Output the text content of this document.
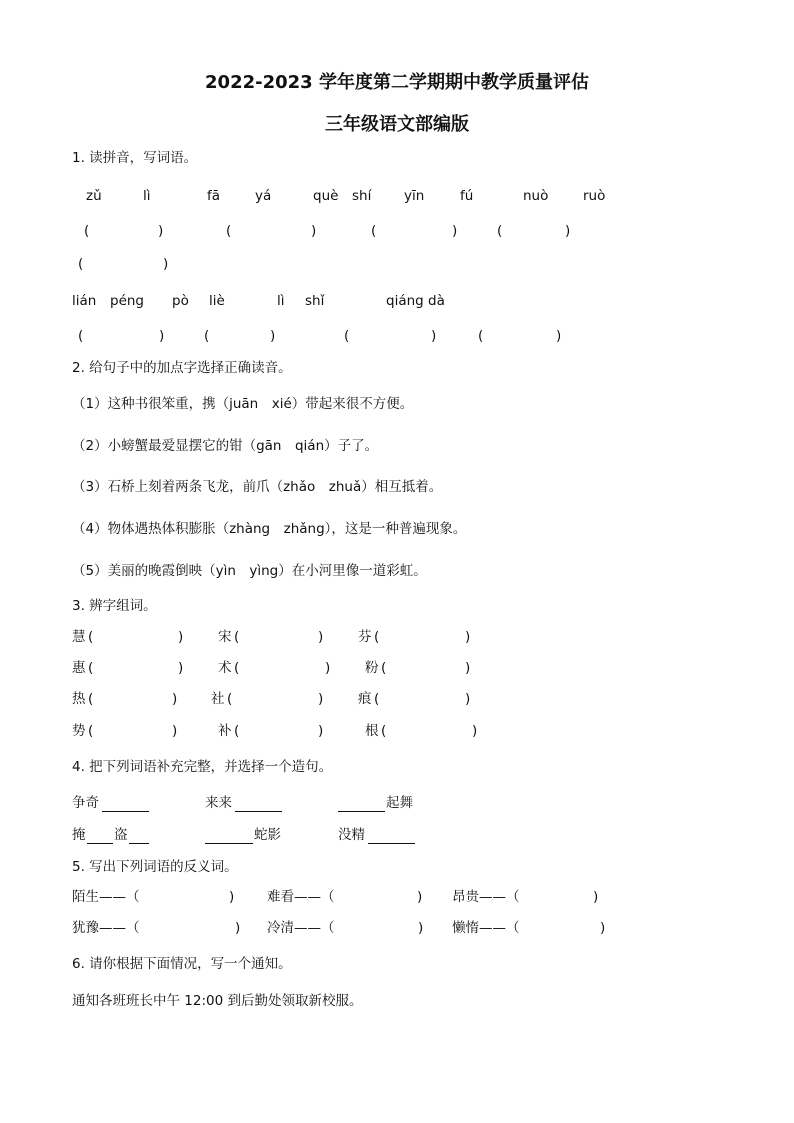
2022-2023 学年度第二学期期中教学质量评估
三年级语文部编版
1. 读拼音，写词语。
zǔ	lì	fā	yá	què shí yīn	fú	nuò	ruò
(	)	(	)	(	)	(	)
(	)
lián péng pò liè	lì shǐ	qiáng dà
(	)	(	)	(	)	(	)
2. 给句子中的加点字选择正确读音。
（1）这种书很笨重，携（juān　xié）带起来很不方便。
（2）小螃蟹最爱显摆它的钳（gān　qián）子了。
（3）石桥上刻着两条飞龙，前爪（zhǎo　zhuǎ）相互抵着。
（4）物体遇热体积膨胀（zhàng　zhǎng），这是一种普遍现象。
（5）美丽的晚霞倒映（yìn　yìng）在小河里像一道彩虹。
3. 辨字组词。
慧 (	)	宋 (	)	芬 (	)
惠 (	)	术 (	)	粉 (	)
热 (	) 社 (	)	痕 (	)
势 (	)	补 (	)	根 (	)
4. 把下列词语补充完整，并选择一个造句。
争奇	来来	起舞
掩 盗	蛇影	没精
5. 写出下列词语的反义词。
陌生——（	) 难看——（	) 昂贵——（	)
犹豫——（	) 冷清——（	) 懒惰——（	)
6. 请你根据下面情况，写一个通知。
通知各班班长中午 12:00 到后勤处领取新校服。
